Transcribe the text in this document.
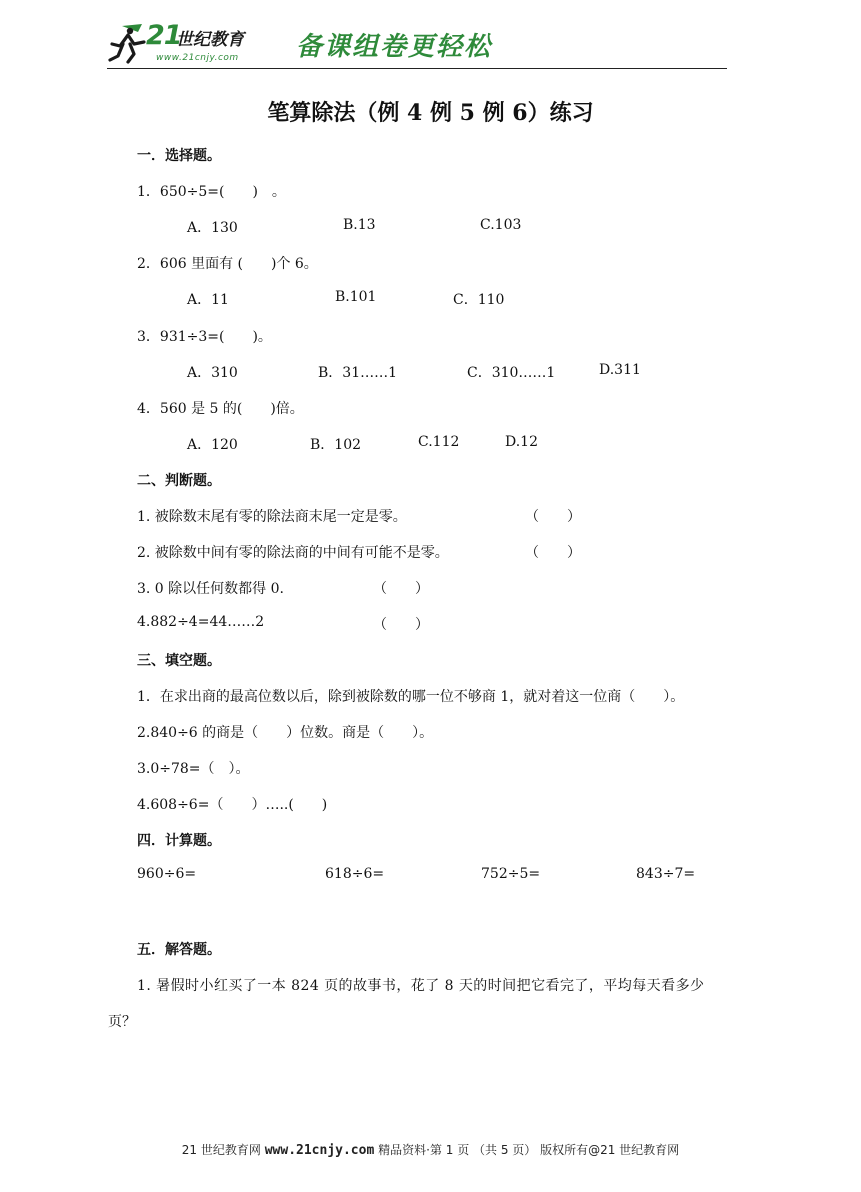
21
世纪教育
www.21cnjy.com 备课组卷更轻松
笔算除法（例 4 例 5 例 6）练习
一．选择题。
1．650÷5=(　　)　。
A．130	B.13	C.103
2．606 里面有 (　　)个 6。
A．11	B.101	C．110
3．931÷3=(　　)。
A．310	B．31……1	C．310……1	D.311
4．560 是 5 的(　　)倍。
A．120	B．102	C.112	D.12
二、判断题。
1. 被除数末尾有零的除法商末尾一定是零。	（　　）
2. 被除数中间有零的除法商的中间有可能不是零。	（　　）
3. 0 除以任何数都得 0.	（　　）
4.882÷4=44……2	（　　）
三、填空题。
1．在求出商的最高位数以后，除到被除数的哪一位不够商 1，就对着这一位商（　　）。
2.840÷6 的商是（　　）位数。商是（　　）。
3.0÷78=（　）。
4.608÷6=（　　）…..(　　)
四．计算题。
960÷6=	618÷6=	752÷5=	843÷7=
五．解答题。
1. 暑假时小红买了一本 824 页的故事书，花了 8 天的时间把它看完了，平均每天看多少
页？
21 世纪教育网 www.21cnjy.com 精品资料·第 1 页 （共 5 页） 版权所有@21 世纪教育网
